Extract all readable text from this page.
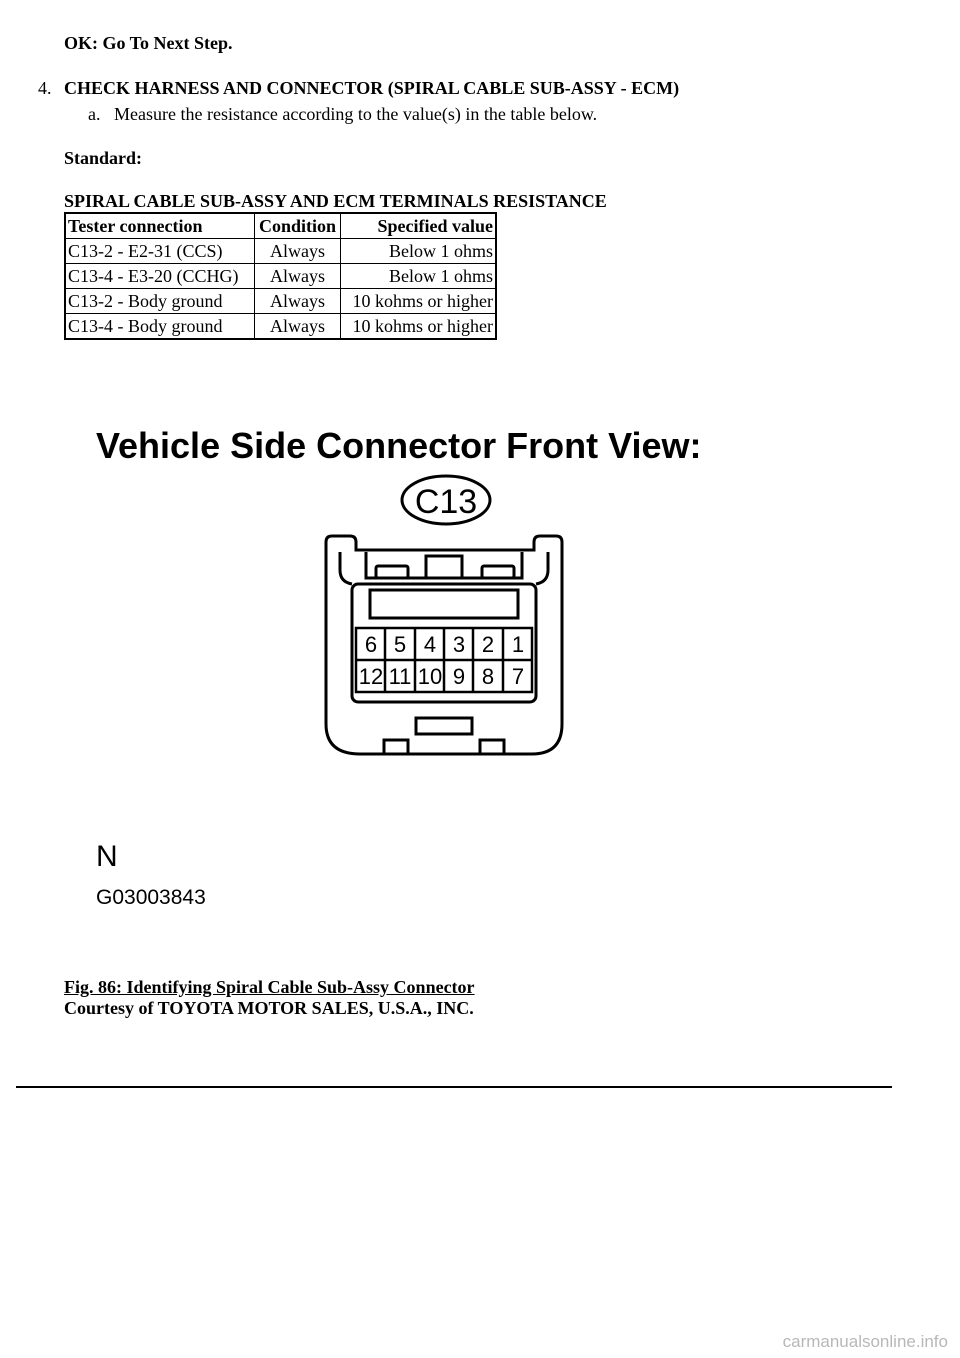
OK: Go To Next Step.
4. CHECK HARNESS AND CONNECTOR (SPIRAL CABLE SUB-ASSY - ECM)
a. Measure the resistance according to the value(s) in the table below.
Standard:
SPIRAL CABLE SUB-ASSY AND ECM TERMINALS RESISTANCE
Tester connection	Condition	Specified value
C13-2 - E2-31 (CCS)	Always	Below 1 ohms
C13-4 - E3-20 (CCHG)	Always	Below 1 ohms
C13-2 - Body ground	Always	10 kohms or higher
C13-4 - Body ground	Always	10 kohms or higher
Vehicle Side Connector Front View:
C13
6 5 4 3 2 1
12 11 10 9 8 7
N
G03003843
Fig. 86: Identifying Spiral Cable Sub-Assy Connector
Courtesy of TOYOTA MOTOR SALES, U.S.A., INC.
carmanualsonline.info
